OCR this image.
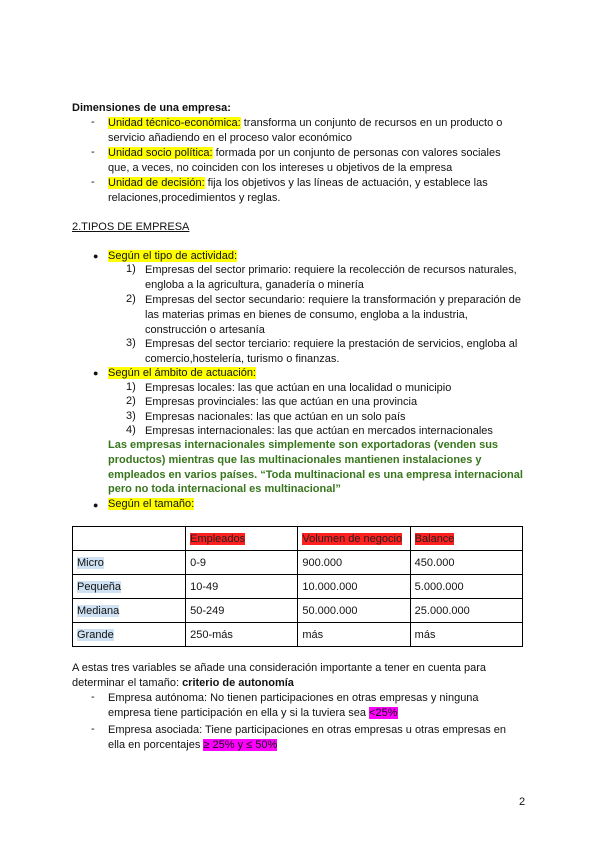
Dimensiones de una empresa:
- Unidad técnico-económica: transforma un conjunto de recursos en un producto o
servicio añadiendo en el proceso valor económico
- Unidad socio política: formada por un conjunto de personas con valores sociales
que, a veces, no coinciden con los intereses u objetivos de la empresa
- Unidad de decisión: fija los objetivos y las líneas de actuación, y establece las
relaciones,procedimientos y reglas.
2.TIPOS DE EMPRESA
● Según el tipo de actividad:
1) Empresas del sector primario: requiere la recolección de recursos naturales,
engloba a la agricultura, ganadería o minería
2) Empresas del sector secundario: requiere la transformación y preparación de
las materias primas en bienes de consumo, engloba a la industria,
construcción o artesanía
3) Empresas del sector terciario: requiere la prestación de servicios, engloba al
comercio,hostelería, turismo o finanzas.
● Según el ámbito de actuación:
1) Empresas locales: las que actúan en una localidad o municipio
2) Empresas provinciales: las que actúan en una provincia
3) Empresas nacionales: las que actúan en un solo país
4) Empresas internacionales: las que actúan en mercados internacionales
Las empresas internacionales simplemente son exportadoras (venden sus
productos) mientras que las multinacionales mantienen instalaciones y
empleados en varios países. “Toda multinacional es una empresa internacional
pero no toda internacional es multinacional”
● Según el tamaño:
	Empleados	Volumen de negocio	Balance
Micro	0-9	900.000	450.000
Pequeña	10-49	10.000.000	5.000.000
Mediana	50-249	50.000.000	25.000.000
Grande	250-más	más	más
A estas tres variables se añade una consideración importante a tener en cuenta para
determinar el tamaño: criterio de autonomía
- Empresa autónoma: No tienen participaciones en otras empresas y ninguna
empresa tiene participación en ella y si la tuviera sea <25%
- Empresa asociada: Tiene participaciones en otras empresas u otras empresas en
ella en porcentajes ≥ 25% y ≤ 50%
2
